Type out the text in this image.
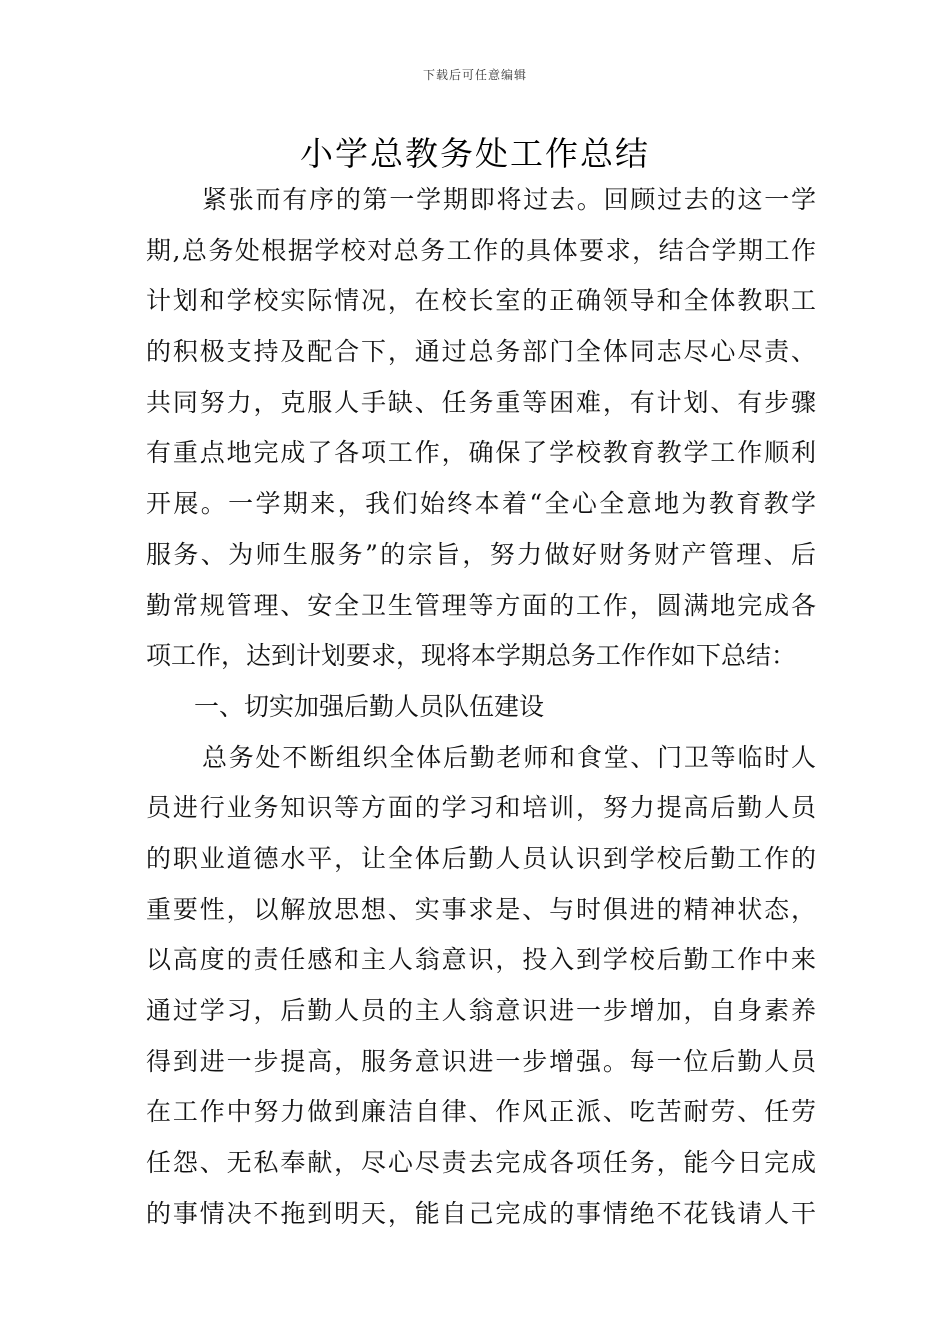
下载后可任意编辑
小学总教务处工作总结
紧张而有序的第一学期即将过去。回顾过去的这一学
期,总务处根据学校对总务工作的具体要求，结合学期工作
计划和学校实际情况，在校长室的正确领导和全体教职工
的积极支持及配合下，通过总务部门全体同志尽心尽责、
共同努力，克服人手缺、任务重等困难，有计划、有步骤
有重点地完成了各项工作，确保了学校教育教学工作顺利
开展。一学期来，我们始终本着“全心全意地为教育教学
服务、为师生服务”的宗旨，努力做好财务财产管理、后
勤常规管理、安全卫生管理等方面的工作，圆满地完成各
项工作，达到计划要求，现将本学期总务工作作如下总结：
一、切实加强后勤人员队伍建设
总务处不断组织全体后勤老师和食堂、门卫等临时人
员进行业务知识等方面的学习和培训，努力提高后勤人员
的职业道德水平，让全体后勤人员认识到学校后勤工作的
重要性，以解放思想、实事求是、与时俱进的精神状态，
以高度的责任感和主人翁意识，投入到学校后勤工作中来
通过学习，后勤人员的主人翁意识进一步增加，自身素养
得到进一步提高，服务意识进一步增强。每一位后勤人员
在工作中努力做到廉洁自律、作风正派、吃苦耐劳、任劳
任怨、无私奉献，尽心尽责去完成各项任务，能今日完成
的事情决不拖到明天，能自己完成的事情绝不花钱请人干
